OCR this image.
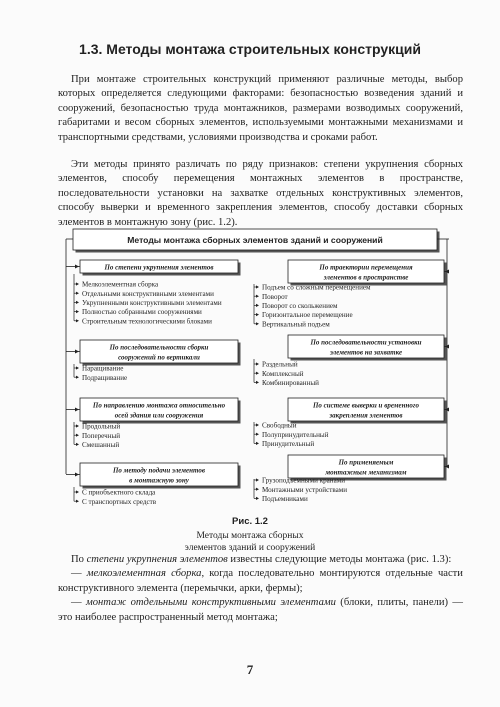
1.3. Методы монтажа строительных конструкций

При монтаже строительных конструкций применяют различные методы, выбор которых определяется следующими факторами: безопасностью возведения зданий и сооружений, безопасностью труда монтажников, размерами возводимых сооружений, габаритами и весом сборных элементов, используемыми монтажными механизмами и транспортными средствами, условиями производства и сроками работ.

Эти методы принято различать по ряду признаков: степени укрупнения сборных элементов, способу перемещения монтажных элементов в пространстве, последовательности установки на захватке отдельных конструктивных элементов, способу выверки и временного закрепления элементов, способу доставки сборных элементов в монтажную зону (рис. 1.2).

Методы монтажа сборных элементов зданий и сооружений
По степени укрупнения элементов
Мелкоэлементная сборка
Отдельными конструктивными элементами
Укрупненными конструктивными элементами
Полностью собранными сооружениями
Строительным технологическими блоками
По последовательности сборки
сооружений по вертикали
Наращивание
Подращивание
По направлению монтажа относительно
осей здания или сооружения
Продольный
Поперечный
Смешанный
По методу подачи элементов
в монтажную зону
С приобъектного склада
С транспортных средств
По траектории перемещения
элементов в пространстве
Подъем со сложным перемещением
Поворот
Поворот со скольжением
Горизонтальное перемещение
Вертикальный подъем
По последовательности установки
элементов на захватке
Раздельный
Комплексный
Комбинированный
По системе выверки и временного
закрепления элементов
Свободный
Полупринудительный
Принудительный
По применяемым
монтажным механизмам
Грузоподъемными кранами
Монтажными устройствами
Подъемниками
Рис. 1.2
Методы монтажа сборных
элементов зданий и сооружений
По степени укрупнения элементов известны следующие методы монтажа (рис. 1.3):
— мелкоэлементная сборка, когда последовательно монтируются отдельные части конструктивного элемента (перемычки, арки, фермы);
— монтаж отдельными конструктивными элементами (блоки, плиты, панели) — это наиболее распространенный метод монтажа;
7
